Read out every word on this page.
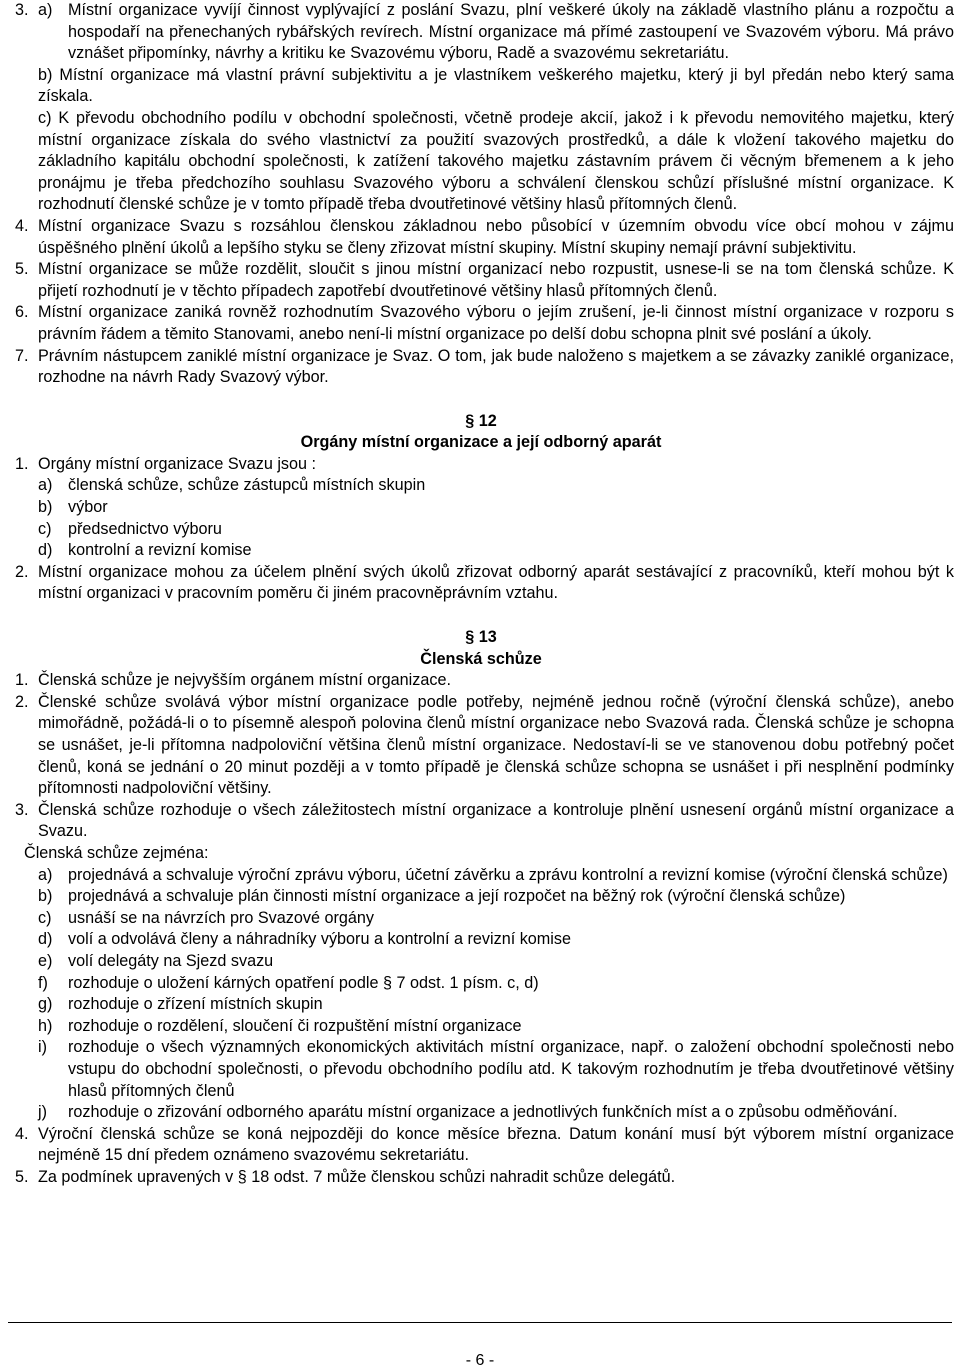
3. a) Místní organizace vyvíjí činnost vyplývající z poslání Svazu, plní veškeré úkoly na základě vlastního plánu a rozpočtu a hospodaří na přenechaných rybářských revírech. Místní organizace má přímé zastoupení ve Svazovém výboru. Má právo vznášet připomínky, návrhy a kritiku ke Svazovému výboru, Radě a svazovému sekretariátu.
b) Místní organizace má vlastní právní subjektivitu a je vlastníkem veškerého majetku, který ji byl předán nebo který sama získala.
c) K převodu obchodního podílu v obchodní společnosti, včetně prodeje akcií, jakož i k převodu nemovitého majetku, který místní organizace získala do svého vlastnictví za použití svazových prostředků, a dále k vložení takového majetku do základního kapitálu obchodní společnosti, k zatížení takového majetku zástavním právem či věcným břemenem a k jeho pronájmu je třeba předchozího souhlasu Svazového výboru a schválení členskou schůzí příslušné místní organizace. K rozhodnutí členské schůze je v tomto případě třeba dvoutřetinové většiny hlasů přítomných členů.
4. Místní organizace Svazu s rozsáhlou členskou základnou nebo působící v územním obvodu více obcí mohou v zájmu úspěšného plnění úkolů a lepšího styku se členy zřizovat místní skupiny. Místní skupiny nemají právní subjektivitu.
5. Místní organizace se může rozdělit, sloučit s jinou místní organizací nebo rozpustit, usnese-li se na tom členská schůze. K přijetí rozhodnutí je v těchto případech zapotřebí dvoutřetinové většiny hlasů přítomných členů.
6. Místní organizace zaniká rovněž rozhodnutím Svazového výboru o jejím zrušení, je-li činnost místní organizace v rozporu s právním řádem a těmito Stanovami, anebo není-li místní organizace po delší dobu schopna plnit své poslání a úkoly.
7. Právním nástupcem zaniklé místní organizace je Svaz. O tom, jak bude naloženo s majetkem a se závazky zaniklé organizace, rozhodne na návrh Rady Svazový výbor.
§ 12
Orgány místní organizace a její odborný aparát
1. Orgány místní organizace Svazu jsou :
a) členská schůze, schůze zástupců místních skupin
b) výbor
c) předsednictvo výboru
d) kontrolní a revizní komise
2. Místní organizace mohou za účelem plnění svých úkolů zřizovat odborný aparát sestávající z pracovníků, kteří mohou být k místní organizaci v pracovním poměru či jiném pracovněprávním vztahu.
§ 13
Členská schůze
1. Členská schůze je nejvyšším orgánem místní organizace.
2. Členské schůze svolává výbor místní organizace podle potřeby, nejméně jednou ročně (výroční členská schůze), anebo mimořádně, požádá-li o to písemně alespoň polovina členů místní organizace nebo Svazová rada. Členská schůze je schopna se usnášet, je-li přítomna nadpoloviční většina členů místní organizace. Nedostaví-li se ve stanovenou dobu potřebný počet členů, koná se jednání o 20 minut později a v tomto případě je členská schůze schopna se usnášet i při nesplnění podmínky přítomnosti nadpoloviční většiny.
3. Členská schůze rozhoduje o všech záležitostech místní organizace a kontroluje plnění usnesení orgánů místní organizace a Svazu.
Členská schůze zejména:
a) projednává a schvaluje výroční zprávu výboru, účetní závěrku a zprávu kontrolní a revizní komise (výroční členská schůze)
b) projednává a schvaluje plán činnosti místní organizace a její rozpočet na běžný rok (výroční členská schůze)
c) usnáší se na návrzích pro Svazové orgány
d) volí a odvolává členy a náhradníky výboru a kontrolní a revizní komise
e) volí delegáty na Sjezd svazu
f) rozhoduje o uložení kárných opatření podle § 7 odst. 1 písm. c, d)
g) rozhoduje o zřízení místních skupin
h) rozhoduje o rozdělení, sloučení či rozpuštění místní organizace
i) rozhoduje o všech významných ekonomických aktivitách místní organizace, např. o založení obchodní společnosti nebo vstupu do obchodní společnosti, o převodu obchodního podílu atd. K takovým rozhodnutím je třeba dvoutřetinové většiny hlasů přítomných členů
j) rozhoduje o zřizování odborného aparátu místní organizace a jednotlivých funkčních míst a o způsobu odměňování.
4. Výroční členská schůze se koná nejpozději do konce měsíce března. Datum konání musí být výborem místní organizace nejméně 15 dní předem oznámeno svazovému sekretariátu.
5. Za podmínek upravených v § 18 odst. 7 může členskou schůzi nahradit schůze delegátů.
- 6 -
